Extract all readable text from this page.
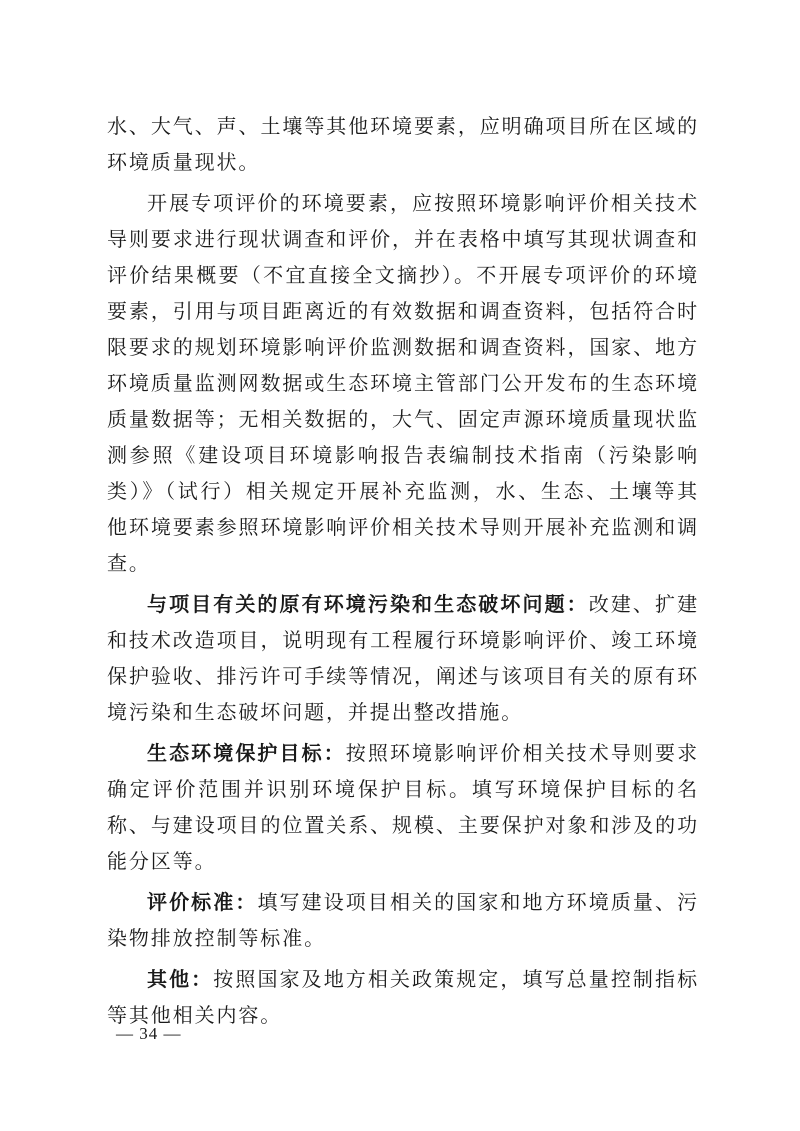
水、大气、声、土壤等其他环境要素，应明确项目所在区域的环境质量现状。

开展专项评价的环境要素，应按照环境影响评价相关技术导则要求进行现状调查和评价，并在表格中填写其现状调查和评价结果概要（不宜直接全文摘抄）。不开展专项评价的环境要素，引用与项目距离近的有效数据和调查资料，包括符合时限要求的规划环境影响评价监测数据和调查资料，国家、地方环境质量监测网数据或生态环境主管部门公开发布的生态环境质量数据等；无相关数据的，大气、固定声源环境质量现状监测参照《建设项目环境影响报告表编制技术指南（污染影响类）》（试行）相关规定开展补充监测，水、生态、土壤等其他环境要素参照环境影响评价相关技术导则开展补充监测和调查。

与项目有关的原有环境污染和生态破坏问题：改建、扩建和技术改造项目，说明现有工程履行环境影响评价、竣工环境保护验收、排污许可手续等情况，阐述与该项目有关的原有环境污染和生态破坏问题，并提出整改措施。

生态环境保护目标：按照环境影响评价相关技术导则要求确定评价范围并识别环境保护目标。填写环境保护目标的名称、与建设项目的位置关系、规模、主要保护对象和涉及的功能分区等。

评价标准：填写建设项目相关的国家和地方环境质量、污染物排放控制等标准。

其他：按照国家及地方相关政策规定，填写总量控制指标等其他相关内容。

— 34 —
